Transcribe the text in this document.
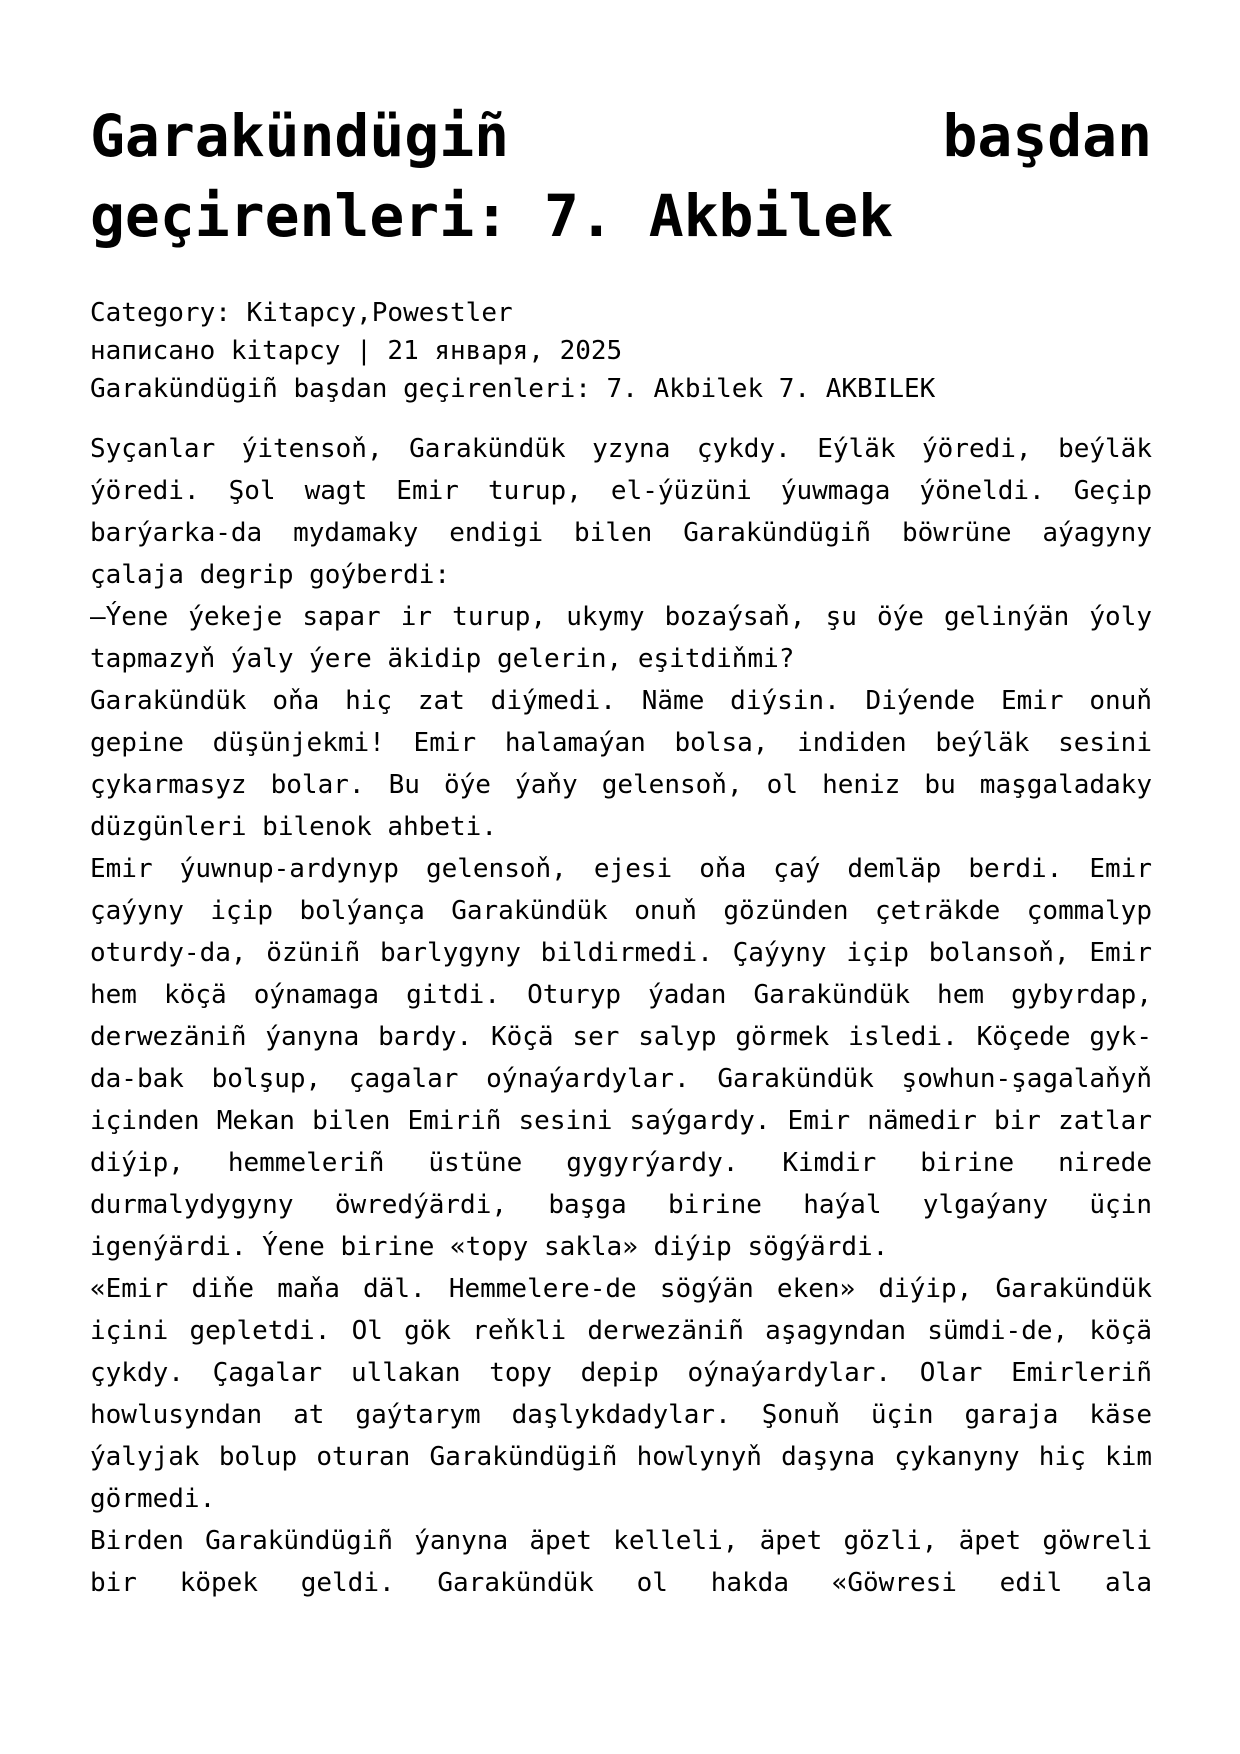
Garakündügiñ başdan geçirenleri: 7. Akbilek
Category: Kitapcy,Powestler
написано kitapcy | 21 января, 2025
Garakündügiñ başdan geçirenleri: 7. Akbilek 7. AKBILEK

Syçanlar ýitensoň, Garakündük yzyna çykdy. Eýläk ýöredi, beýläk ýöredi. Şol wagt Emir turup, el-ýüzüni ýuwmaga ýöneldi. Geçip barýarka-da mydamaky endigi bilen Garakündügiñ böwrüne aýagyny çalaja degrip goýberdi:

—Ýene ýekeje sapar ir turup, ukymy bozaýsaň, şu öýe gelinýän ýoly tapmazyň ýaly ýere äkidip gelerin, eşitdiňmi?

Garakündük oňa hiç zat diýmedi. Näme diýsin. Diýende Emir onuň gepine düşünjekmi! Emir halamaýan bolsa, indiden beýläk sesini çykarmasyz bolar. Bu öýe ýaňy gelensoň, ol heniz bu maşgaladaky düzgünleri bilenok ahbeti.

Emir ýuwnup-ardynyp gelensoň, ejesi oňa çaý demläp berdi. Emir çaýyny içip bolýança Garakündük onuň gözünden çeträkde çommalyp oturdy-da, özüniñ barlygyny bildirmedi. Çaýyny içip bolansoň, Emir hem köçä oýnamaga gitdi. Oturyp ýadan Garakündük hem gybyrdap, derwezäniñ ýanyna bardy. Köçä ser salyp görmek isledi. Köçede gyk-da-bak bolşup, çagalar oýnaýardylar. Garakündük şowhun-şagalaňyň içinden Mekan bilen Emiriñ sesini saýgardy. Emir nämedir bir zatlar diýip, hemmeleriñ üstüne gygyrýardy. Kimdir birine nirede durmalydygyny öwredýärdi, başga birine haýal ylgaýany üçin igenýärdi. Ýene birine «topy sakla» diýip sögýärdi.

«Emir diňe maňa däl. Hemmelere-de sögýän eken» diýip, Garakündük içini gepletdi. Ol gök reňkli derwezäniñ aşagyndan sümdi-de, köçä çykdy. Çagalar ullakan topy depip oýnaýardylar. Olar Emirleriñ howlusyndan at gaýtarym daşlykdadylar. Şonuň üçin garaja käse ýalyjak bolup oturan Garakündügiñ howlynyň daşyna çykanyny hiç kim görmedi.

Birden Garakündügiñ ýanyna äpet kelleli, äpet gözli, äpet göwreli bir köpek geldi. Garakündük ol hakda «Göwresi edil ala
